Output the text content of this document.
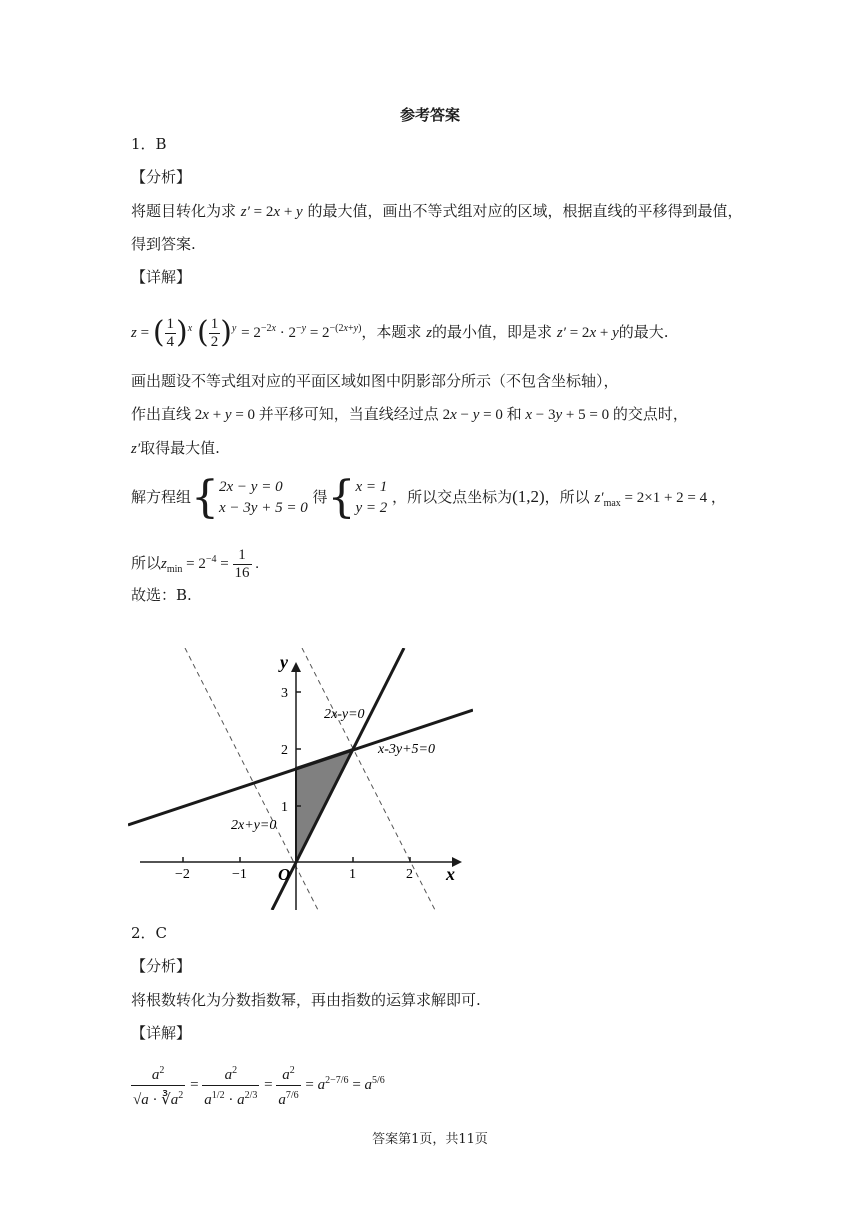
参考答案
1．B
【分析】
将题目转化为求 z′ = 2x + y 的最大值，画出不等式组对应的区域，根据直线的平移得到最值，
得到答案.
【详解】
z = ( $\frac{1}{4} )^x$ ( $\frac{1}{2} )^y = 2^{-2x} \cdot 2^{-y} = 2^{-(2x+y)}$，本题求 z的最小值，即是求 z′ = 2x + y的最大.
画出题设不等式组对应的平面区域如图中阴影部分所示（不包含坐标轴），
作出直线 2x + y = 0 并平移可知，当直线经过点 2x − y = 0 和 x − 3y + 5 = 0 的交点时，
z′取得最大值.
解方程组{2x − y = 0
x − 3y + 5 = 0 得{x = 1
y = 2 ，所以交点坐标为(1,2)，所以 $z'_{max} = 2\times 1 + 2 = 4$ ，
所以$z_{min} = 2^{-4} = \frac{1}{16}$ .
故选：B.
−2	−1	1	2
1
2
3
x
y
O
2x-y=0
x-3y+5=0
2x+y=0
2．C
【分析】
将根数转化为分数指数幂，再由指数的运算求解即可.
【详解】
$\frac{a^2}{√a \cdot ∛a^2} = \frac{a^2}{a^{1/2} \cdot a^{2/3}} = \frac{a^2}{a^{7/6}} = a^{2-7/6} = a^{5/6}$
答案第1页，共11页
